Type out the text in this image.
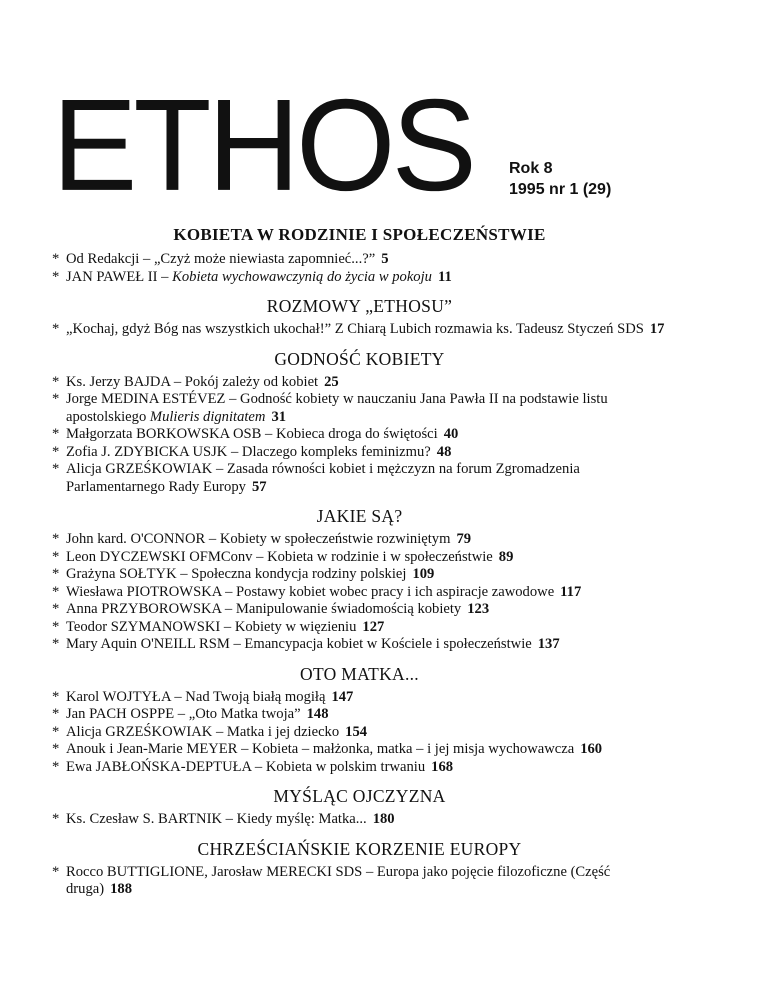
ETHOS Rok 8
1995 nr 1 (29)
KOBIETA W RODZINIE I SPOŁECZEŃSTWIE
* Od Redakcji – „Czyż może niewiasta zapomnieć...?” 5
* JAN PAWEŁ II – Kobieta wychowawczynią do życia w pokoju 11
ROZMOWY „ETHOSU”
* „Kochaj, gdyż Bóg nas wszystkich ukochał!” Z Chiarą Lubich rozmawia ks. Tadeusz Styczeń SDS 17
GODNOŚĆ KOBIETY
* Ks. Jerzy BAJDA – Pokój zależy od kobiet 25
* Jorge MEDINA ESTÉVEZ – Godność kobiety w nauczaniu Jana Pawła II na podstawie listu apostolskiego Mulieris dignitatem 31
* Małgorzata BORKOWSKA OSB – Kobieca droga do świętości 40
* Zofia J. ZDYBICKA USJK – Dlaczego kompleks feminizmu? 48
* Alicja GRZEŚKOWIAK – Zasada równości kobiet i mężczyzn na forum Zgromadzenia Parlamentarnego Rady Europy 57
JAKIE SĄ?
* John kard. O'CONNOR – Kobiety w społeczeństwie rozwiniętym 79
* Leon DYCZEWSKI OFMConv – Kobieta w rodzinie i w społeczeństwie 89
* Grażyna SOŁTYK – Społeczna kondycja rodziny polskiej 109
* Wiesława PIOTROWSKA – Postawy kobiet wobec pracy i ich aspiracje zawodowe 117
* Anna PRZYBOROWSKA – Manipulowanie świadomością kobiety 123
* Teodor SZYMANOWSKI – Kobiety w więzieniu 127
* Mary Aquin O'NEILL RSM – Emancypacja kobiet w Kościele i społeczeństwie 137
OTO MATKA...
* Karol WOJTYŁA – Nad Twoją białą mogiłą 147
* Jan PACH OSPPE – „Oto Matka twoja” 148
* Alicja GRZEŚKOWIAK – Matka i jej dziecko 154
* Anouk i Jean-Marie MEYER – Kobieta – małżonka, matka – i jej misja wychowawcza 160
* Ewa JABŁOŃSKA-DEPTUŁA – Kobieta w polskim trwaniu 168
MYŚLĄC OJCZYZNA
* Ks. Czesław S. BARTNIK – Kiedy myślę: Matka... 180
CHRZEŚCIAŃSKIE KORZENIE EUROPY
* Rocco BUTTIGLIONE, Jarosław MERECKI SDS – Europa jako pojęcie filozoficzne (Część druga) 188
